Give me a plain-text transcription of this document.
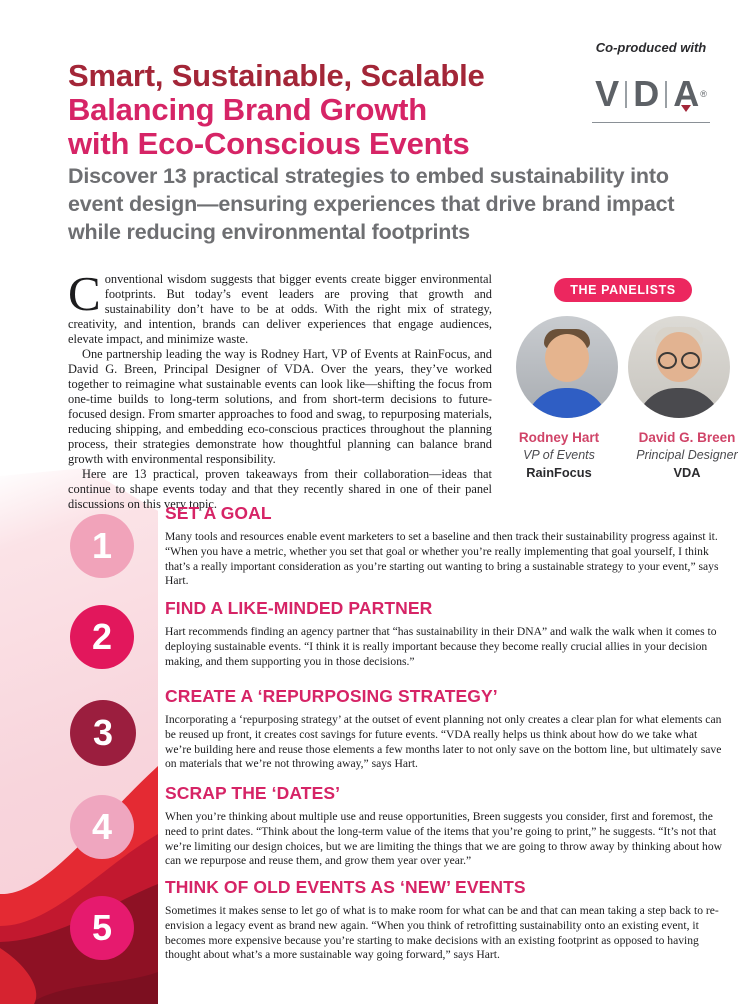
Smart, Sustainable, Scalable
Balancing Brand Growth
with Eco-Conscious Events
Co-produced with
V D A ®
Discover 13 practical strategies to embed sustainability into event design—ensuring experiences that drive brand impact while reducing environmental footprints

Conventional wisdom suggests that bigger events create bigger environmental footprints. But today’s event leaders are proving that growth and sustainability don’t have to be at odds. With the right mix of strategy, creativity, and intention, brands can deliver experiences that engage audiences, elevate impact, and minimize waste.

One partnership leading the way is Rodney Hart, VP of Events at RainFocus, and David G. Breen, Principal Designer of VDA. Over the years, they’ve worked together to reimagine what sustainable events can look like—shifting the focus from one-time builds to long-term solutions, and from short-term decisions to future-focused design. From smarter approaches to food and swag, to repurposing materials, reducing shipping, and embedding eco-conscious practices throughout the planning process, their strategies demonstrate how thoughtful planning can balance brand growth with environmental responsibility.

Here are 13 practical, proven takeaways from their collaboration—ideas that continue to shape events today and that they recently shared in one of their panel discussions on this very topic.

THE PANELISTS
Rodney Hart
VP of Events
RainFocus
David G. Breen
Principal Designer
VDA
1
2
3
4
5
SET A GOAL

Many tools and resources enable event marketers to set a baseline and then track their sustainability progress against it. “When you have a metric, whether you set that goal or whether you’re really implementing that goal yourself, I think that’s a really important consideration as you’re starting out wanting to bring a sustainable strategy to your event,” says Hart.

FIND A LIKE-MINDED PARTNER

Hart recommends finding an agency partner that “has sustainability in their DNA” and walk the walk when it comes to deploying sustainable events. “I think it is really important because they become really crucial allies in your decision making, and them supporting you in those decisions.”

CREATE A ‘REPURPOSING STRATEGY’

Incorporating a ‘repurposing strategy’ at the outset of event planning not only creates a clear plan for what elements can be reused up front, it creates cost savings for future events. “VDA really helps us think about how do we take what we’re building here and reuse those elements a few months later to not only save on the bottom line, but ultimately save on materials that we’re not throwing away,” says Hart.

SCRAP THE ‘DATES’

When you’re thinking about multiple use and reuse opportunities, Breen suggests you consider, first and foremost, the need to print dates. “Think about the long-term value of the items that you’re going to print,” he suggests. “It’s not that we’re limiting our design choices, but we are limiting the things that we are going to throw away by thinking about how can we repurpose and reuse them, and grow them year over year.”

THINK OF OLD EVENTS AS ‘NEW’ EVENTS

Sometimes it makes sense to let go of what is to make room for what can be and that can mean taking a step back to re-envision a legacy event as brand new again. “When you think of retrofitting sustainability onto an existing event, it becomes more expensive because you’re starting to make decisions with an existing footprint as opposed to having thought about what’s a more sustainable way going forward,” says Hart.
